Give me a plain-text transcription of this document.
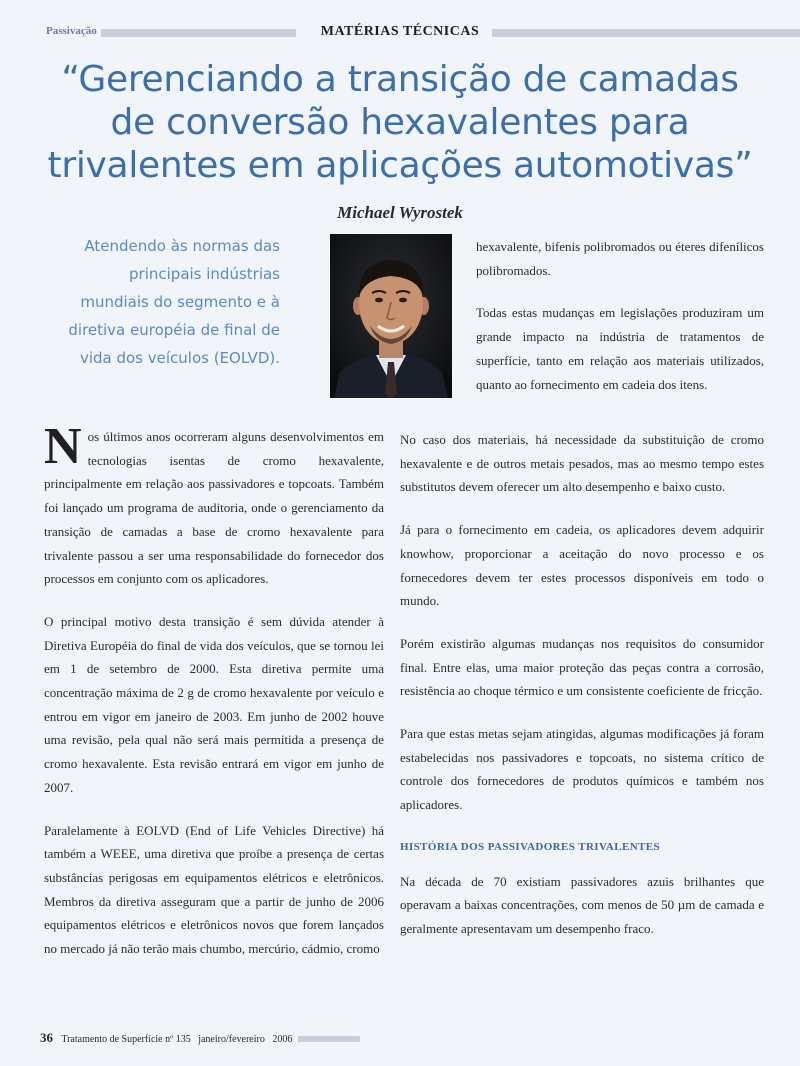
Passivação	MATÉRIAS TÉCNICAS
“Gerenciando a transição de camadas de conversão hexavalentes para trivalentes em aplicações automotivas”
Michael Wyrostek
Atendendo às normas das principais indústrias mundiais do segmento e à diretiva européia de final de vida dos veículos (EOLVD).

Nos últimos anos ocorreram alguns desenvolvimentos em tecnologias isentas de cromo hexavalente, principalmente em relação aos passivadores e topcoats. Também foi lançado um programa de auditoria, onde o gerenciamento da transição de camadas a base de cromo hexavalente para trivalente passou a ser uma responsabilidade do fornecedor dos processos em conjunto com os aplicadores.

O principal motivo desta transição é sem dúvida atender à Diretiva Européia do final de vida dos veículos, que se tornou lei em 1 de setembro de 2000. Esta diretiva permite uma concentração máxima de 2 g de cromo hexavalente por veículo e entrou em vigor em janeiro de 2003. Em junho de 2002 houve uma revisão, pela qual não será mais permitida a presença de cromo hexavalente. Esta revisão entrará em vigor em junho de 2007.

Paralelamente à EOLVD (End of Life Vehicles Directive) há também a WEEE, uma diretiva que proíbe a presença de certas substâncias perigosas em equipamentos elétricos e eletrônicos. Membros da diretiva asseguram que a partir de junho de 2006 equipamentos elétricos e eletrônicos novos que forem lançados no mercado já não terão mais chumbo, mercúrio, cádmio, cromo

hexavalente, bifenis polibromados ou éteres difenílicos polibromados.

Todas estas mudanças em legislações produziram um grande impacto na indústria de tratamentos de superfície, tanto em relação aos materiais utilizados, quanto ao fornecimento em cadeia dos itens.

No caso dos materiais, há necessidade da substituição de cromo hexavalente e de outros metais pesados, mas ao mesmo tempo estes substitutos devem oferecer um alto desempenho e baixo custo.

Já para o fornecimento em cadeia, os aplicadores devem adquirir knowhow, proporcionar a aceitação do novo processo e os fornecedores devem ter estes processos disponíveis em todo o mundo.

Porém existirão algumas mudanças nos requisitos do consumidor final. Entre elas, uma maior proteção das peças contra a corrosão, resistência ao choque térmico e um consistente coeficiente de fricção.

Para que estas metas sejam atingidas, algumas modificações já foram estabelecidas nos passivadores e topcoats, no sistema crítico de controle dos fornecedores de produtos químicos e também nos aplicadores.

HISTÓRIA DOS PASSIVADORES TRIVALENTES

Na década de 70 existiam passivadores azuis brilhantes que operavam a baixas concentrações, com menos de 50 µm de camada e geralmente apresentavam um desempenho fraco.

36 Tratamento de Superfície nº 135 janeiro/fevereiro 2006
